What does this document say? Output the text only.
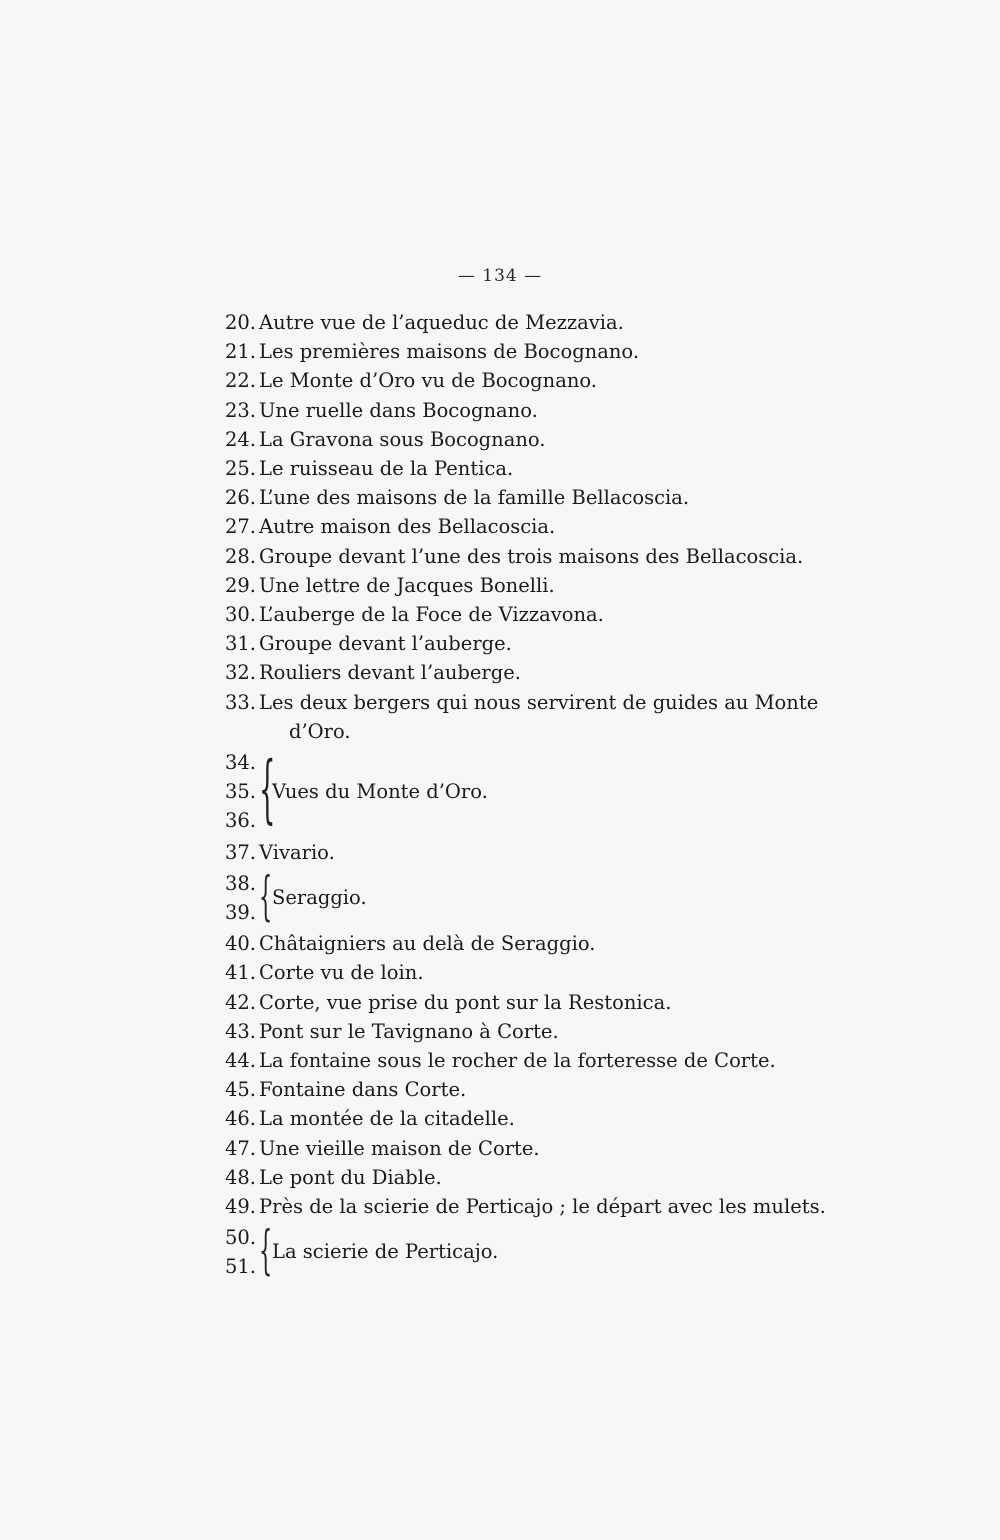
— 134 —
20. Autre vue de l’aqueduc de Mezzavia.
21. Les premières maisons de Bocognano.
22. Le Monte d’Oro vu de Bocognano.
23. Une ruelle dans Bocognano.
24. La Gravona sous Bocognano.
25. Le ruisseau de la Pentica.
26. L’une des maisons de la famille Bellacoscia.
27. Autre maison des Bellacoscia.
28. Groupe devant l’une des trois maisons des Bellacoscia.
29. Une lettre de Jacques Bonelli.
30. L’auberge de la Foce de Vizzavona.
31. Groupe devant l’auberge.
32. Rouliers devant l’auberge.
33. Les deux bergers qui nous servirent de guides au Monte
d’Oro.
34.
35.
36. {
Vues du Monte d’Oro.
37. Vivario.
38.
39. { Seraggio.
40. Châtaigniers au delà de Seraggio.
41. Corte vu de loin.
42. Corte, vue prise du pont sur la Restonica.
43. Pont sur le Tavignano à Corte.
44. La fontaine sous le rocher de la forteresse de Corte.
45. Fontaine dans Corte.
46. La montée de la citadelle.
47. Une vieille maison de Corte.
48. Le pont du Diable.
49. Près de la scierie de Perticajo ; le départ avec les mulets.
50.
51. { La scierie de Perticajo.
